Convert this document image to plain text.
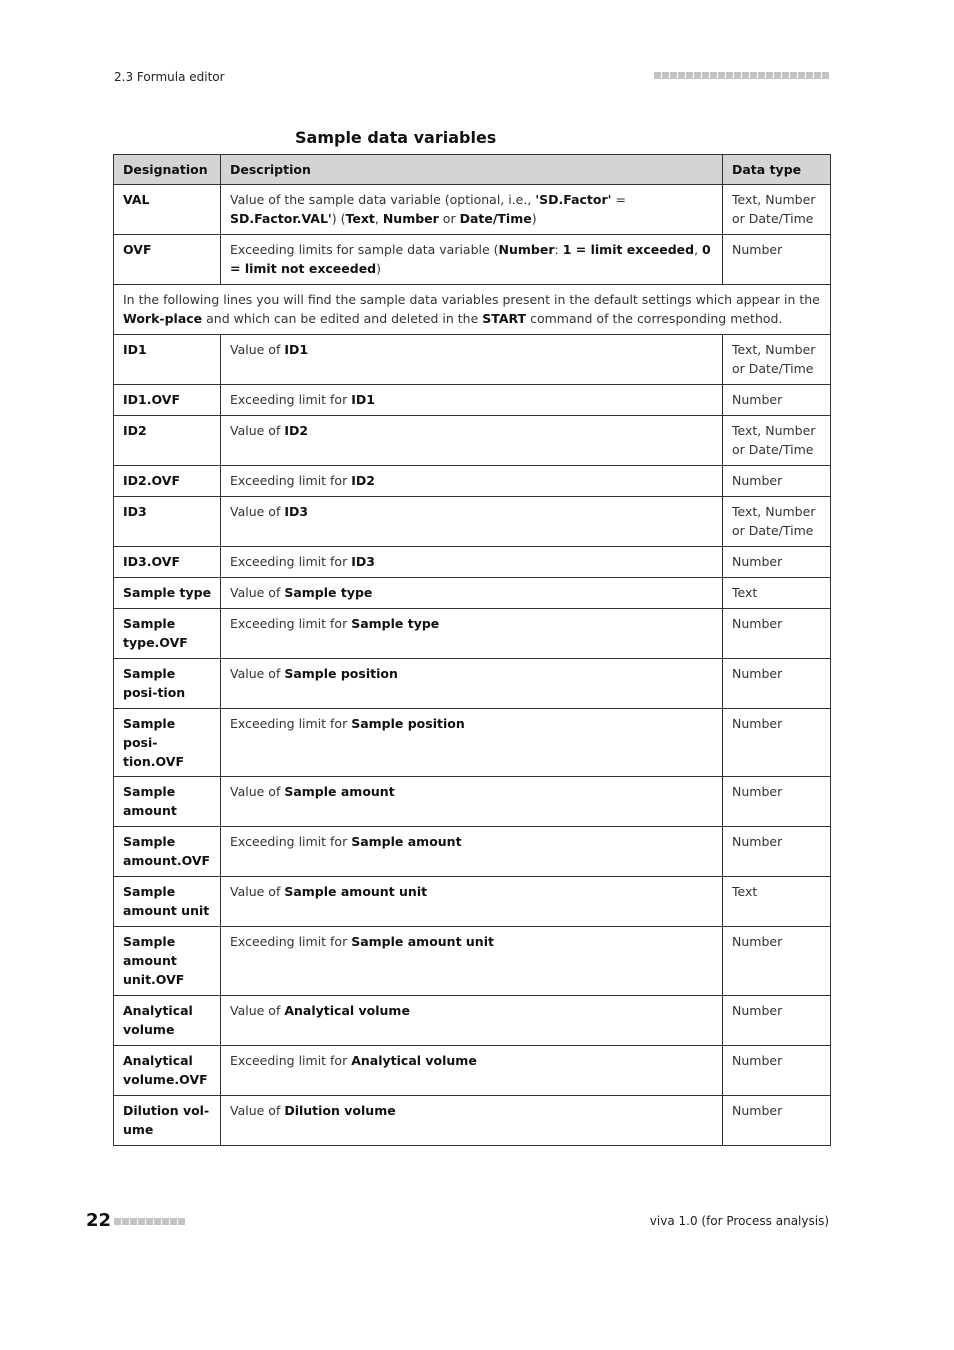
2.3 Formula editor
Sample data variables
Designation	Description	Data type
VAL	Value of the sample data variable (optional, i.e., 'SD.Factor' = SD.Factor.VAL') (Text, Number or Date/Time)	Text, Number or Date/Time
OVF	Exceeding limits for sample data variable (Number: 1 = limit exceeded, 0 = limit not exceeded)	Number
In the following lines you will find the sample data variables present in the default settings which appear in the Work-place and which can be edited and deleted in the START command of the corresponding method.		
ID1	Value of ID1	Text, Number or Date/Time
ID1.OVF	Exceeding limit for ID1	Number
ID2	Value of ID2	Text, Number or Date/Time
ID2.OVF	Exceeding limit for ID2	Number
ID3	Value of ID3	Text, Number or Date/Time
ID3.OVF	Exceeding limit for ID3	Number
Sample type	Value of Sample type	Text
Sample type.OVF	Exceeding limit for Sample type	Number
Sample posi-tion	Value of Sample position	Number
Sample posi-tion.OVF	Exceeding limit for Sample position	Number
Sample amount	Value of Sample amount	Number
Sample amount.OVF	Exceeding limit for Sample amount	Number
Sample amount unit	Value of Sample amount unit	Text
Sample amount unit.OVF	Exceeding limit for Sample amount unit	Number
Analytical volume	Value of Analytical volume	Number
Analytical volume.OVF	Exceeding limit for Analytical volume	Number
Dilution vol-ume	Value of Dilution volume	Number
22	viva 1.0 (for Process analysis)
